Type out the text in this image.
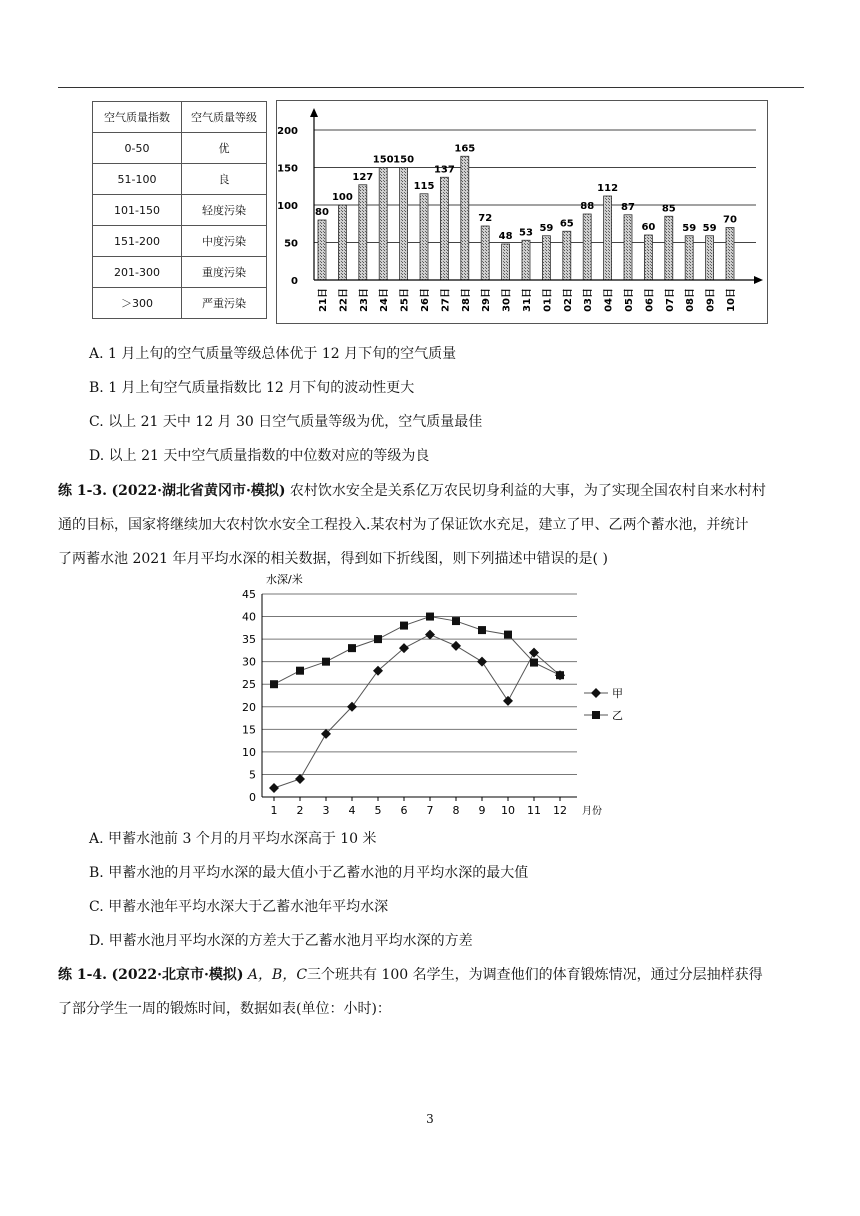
空气质量指数	空气质量等级
0-50	优
51-100	良
101-150	轻度污染
151-200	中度污染
201-300	重度污染
＞300	严重污染
80
100
127
150 150
115
137
165
72
48 53 59 65
88
112
87
60
85
59 59
70
0
50
100
150
200
21日 22日 23日 24日 25日 26日 27日 28日 29日 30日 31日 01日 02日 03日 04日 05日 06日 07日 08日 09日 10日
A. 1 月上旬的空气质量等级总体优于 12 月下旬的空气质量
B. 1 月上旬空气质量指数比 12 月下旬的波动性更大
C. 以上 21 天中 12 月 30 日空气质量等级为优，空气质量最佳
D. 以上 21 天中空气质量指数的中位数对应的等级为良
练 1-3. (2022·湖北省黄冈市·模拟) 农村饮水安全是关系亿万农民切身利益的大事，为了实现全国农村自来水村村
通的目标，国家将继续加大农村饮水安全工程投入.某农村为了保证饮水充足，建立了甲、乙两个蓄水池，并统计
了两蓄水池 2021 年月平均水深的相关数据，得到如下折线图，则下列描述中错误的是( )
0
5
10
15
20
25
30
35
40
45
水深/米
1 2 3 4 5 6 7 8 9 10 11 12 月份
甲
乙
A. 甲蓄水池前 3 个月的月平均水深高于 10 米
B. 甲蓄水池的月平均水深的最大值小于乙蓄水池的月平均水深的最大值
C. 甲蓄水池年平均水深大于乙蓄水池年平均水深
D. 甲蓄水池月平均水深的方差大于乙蓄水池月平均水深的方差
练 1-4. (2022·北京市·模拟) A，B，C三个班共有 100 名学生，为调查他们的体育锻炼情况，通过分层抽样获得
了部分学生一周的锻炼时间，数据如表(单位：小时)：
3
